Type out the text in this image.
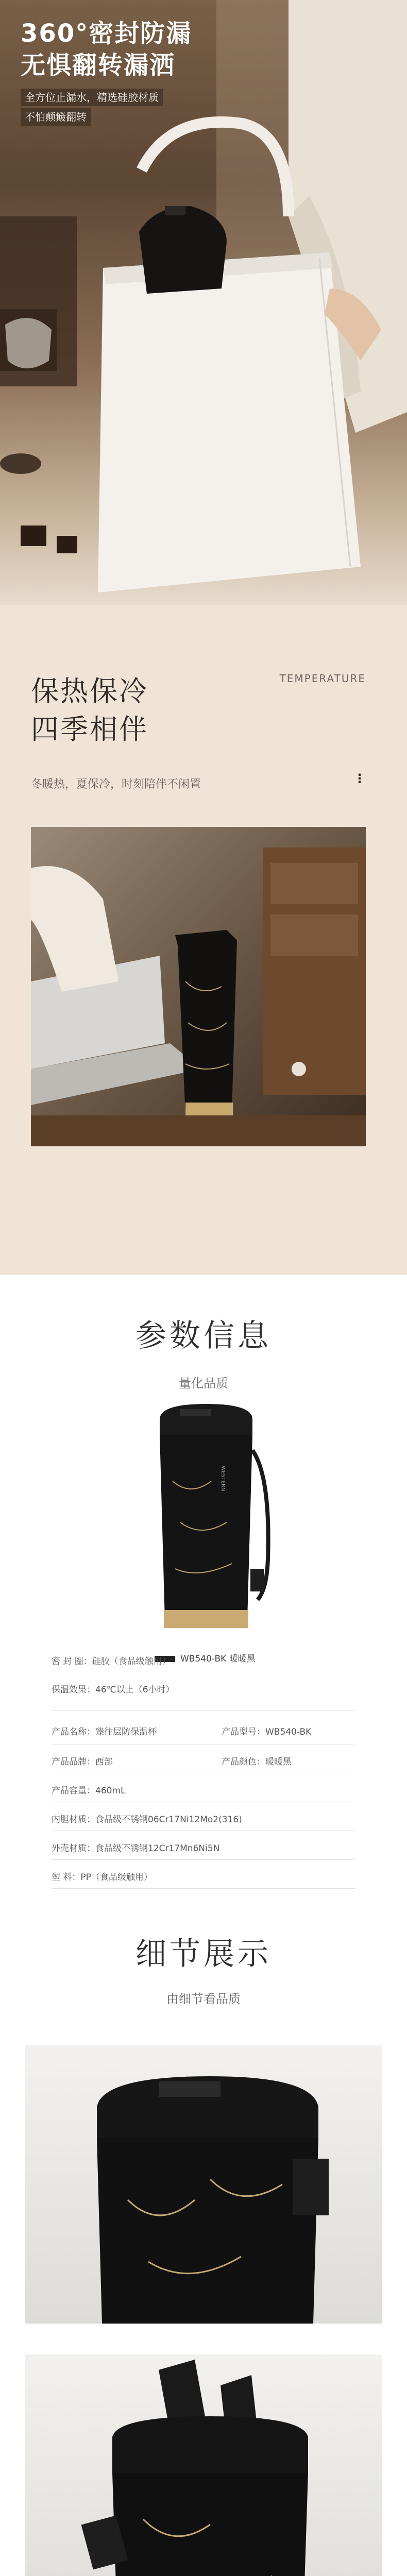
360°密封防漏
无惧翻转漏洒
全方位止漏水，精选硅胶材质
不怕颠簸翻转
保热保冷
四季相伴
TEMPERATURE
冬暖热，夏保冷，时刻陪伴不闲置	⋮
参数信息
量化品质
WESTERN
WB540-BK 暖暖黑
产品名称：臻往层防保温杯	产品型号：WB540-BK
产品品牌：西部	产品颜色：暖暖黑
产品容量：460mL
内胆材质：食品级不锈钢06Cr17Ni12Mo2(316)
外壳材质：食品级不锈钢12Cr17Mn6Ni5N
塑 料：PP（食品级触用）
密 封 圈：硅胶（食品级触用）
保温效果：46℃以上（6小时）
细节展示
由细节看品质
